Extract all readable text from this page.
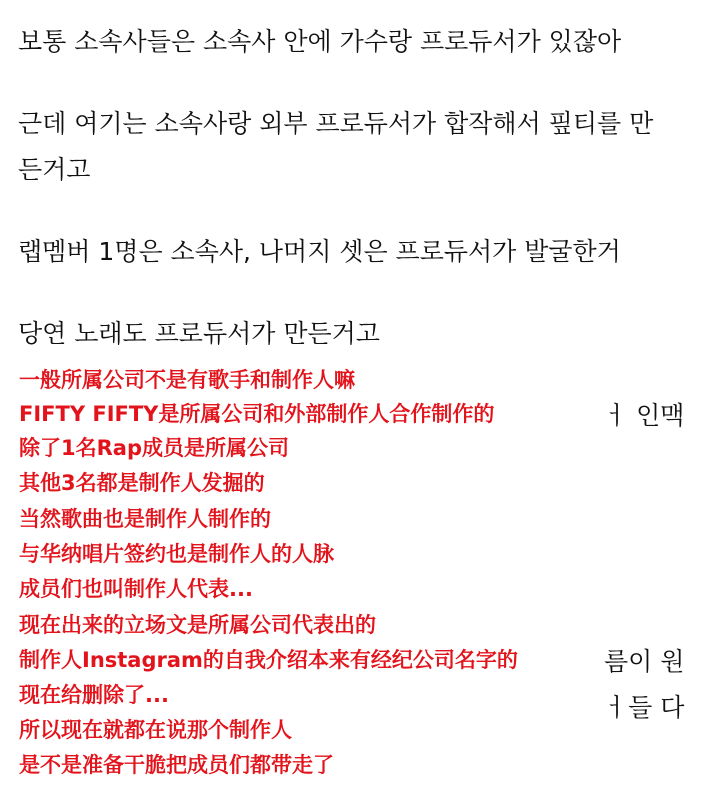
보통 소속사들은 소속사 안에 가수랑 프로듀서가 있잖아
근데 여기는 소속사랑 외부 프로듀서가 합작해서 핖티를 만
든거고
랩멤버 1명은 소속사, 나머지 셋은 프로듀서가 발굴한거
당연 노래도 프로듀서가 만든거고
ㅓ 인맥
름이 원
ㅓ들 다
一般所属公司不是有歌手和制作人嘛
FIFTY FIFTY是所属公司和外部制作人合作制作的
除了1名Rap成员是所属公司
其他3名都是制作人发掘的
当然歌曲也是制作人制作的
与华纳唱片签约也是制作人的人脉
成员们也叫制作人代表...
现在出来的立场文是所属公司代表出的
制作人Instagram的自我介绍本来有经纪公司名字的
现在给删除了...
所以现在就都在说那个制作人
是不是准备干脆把成员们都带走了
